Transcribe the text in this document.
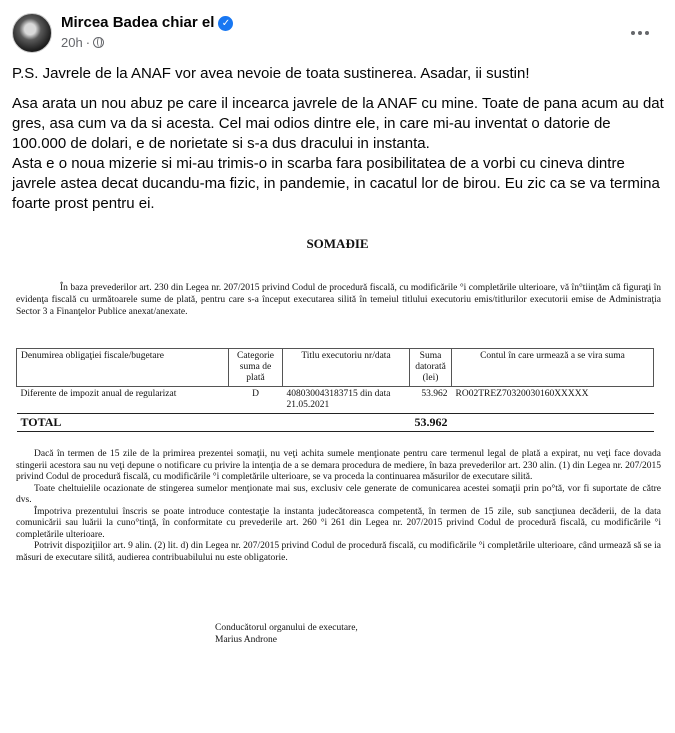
Mircea Badea chiar el ✓
20h ·

P.S. Javrele de la ANAF vor avea nevoie de toata sustinerea. Asadar, ii sustin!

Asa arata un nou abuz pe care il incearca javrele de la ANAF cu mine. Toate de pana acum au dat gres, asa cum va da si acesta. Cel mai odios dintre ele, in care mi-au inventat o datorie de 100.000 de dolari, e de norietate si s-a dus dracului in instanta.

Asta e o noua mizerie si mi-au trimis-o in scarba fara posibilitatea de a vorbi cu cineva dintre javrele astea decat ducandu-ma fizic, in pandemie, in cacatul lor de birou. Eu zic ca se va termina foarte prost pentru ei.

SOMAĐIE
În baza prevederilor art. 230 din Legea nr. 207/2015 privind Codul de procedură fiscală, cu modificările °i completările ulterioare, vă în°tiinţăm că figuraţi în evidenţa fiscală cu următoarele sume de plată, pentru care s-a început executarea silită în temeiul titlului executoriu emis/titlurilor executorii emise de Administraţia Sector 3 a Finanţelor Publice anexat/anexate.
Denumirea obligaţiei fiscale/bugetare	Categorie suma de plată	Titlu executoriu nr/data	Suma datorată (lei)	Contul în care urmează a se vira suma
Diferente de impozit anual de regularizat	D	408030043183715 din data 21.05.2021	53.962	RO02TREZ70320030160XXXXX
TOTAL			53.962	

Dacă în termen de 15 zile de la primirea prezentei somaţii, nu veţi achita sumele menţionate pentru care termenul legal de plată a expirat, nu veţi face dovada stingerii acestora sau nu veţi depune o notificare cu privire la intenţia de a se demara procedura de mediere, în baza prevederilor art. 230 alin. (1) din Legea nr. 207/2015 privind Codul de procedură fiscală, cu modificările °i completările ulterioare, se va proceda la continuarea măsurilor de executare silită.

Toate cheltuielile ocazionate de stingerea sumelor menţionate mai sus, exclusiv cele generate de comunicarea acestei somaţii prin po°tă, vor fi suportate de către dvs.

Împotriva prezentului înscris se poate introduce contestaţie la instanta judecătoreasca competentă, în termen de 15 zile, sub sancţiunea decăderii, de la data comunicării sau luării la cuno°tinţă, în conformitate cu prevederile art. 260 °i 261 din Legea nr. 207/2015 privind Codul de procedură fiscală, cu modificările °i completările ulterioare.

Potrivit dispoziţiilor art. 9 alin. (2) lit. d) din Legea nr. 207/2015 privind Codul de procedură fiscală, cu modificările °i completările ulterioare, când urmează să se ia măsuri de executare silită, audierea contribuabilului nu este obligatorie.

Conducătorul organului de executare,
Marius Androne
